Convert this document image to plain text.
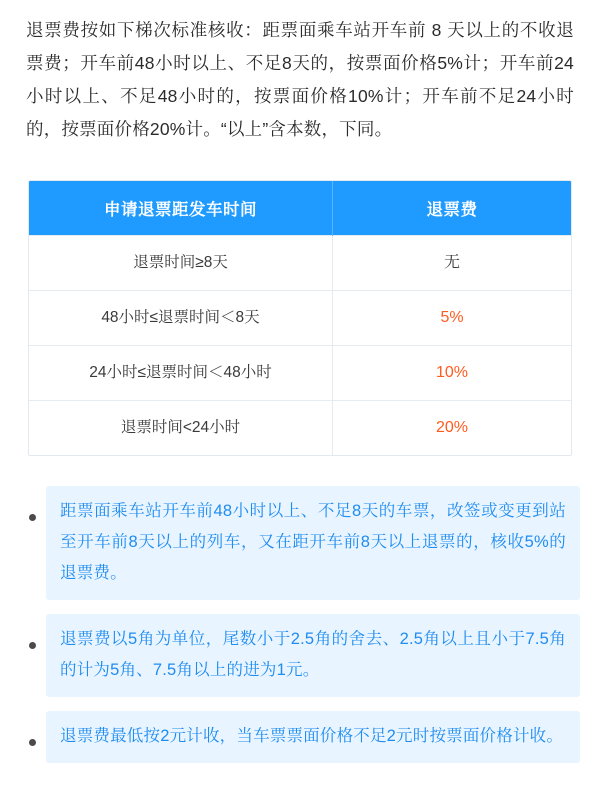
退票费按如下梯次标准核收：距票面乘车站开车前 8 天以上的不收退票费；开车前48小时以上、不足8天的，按票面价格5%计；开车前24小时以上、不足48小时的，按票面价格10%计；开车前不足24小时的，按票面价格20%计。“以上”含本数，下同。

申请退票距发车时间	退票费
退票时间≥8天	无
48小时≤退票时间＜8天	5%
24小时≤退票时间＜48小时	10%
退票时间<24小时	20%
距票面乘车站开车前48小时以上、不足8天的车票，改签或变更到站至开车前8天以上的列车，又在距开车前8天以上退票的，核收5%的退票费。
退票费以5角为单位，尾数小于2.5角的舍去、2.5角以上且小于7.5角的计为5角、7.5角以上的进为1元。
退票费最低按2元计收，当车票票面价格不足2元时按票面价格计收。
